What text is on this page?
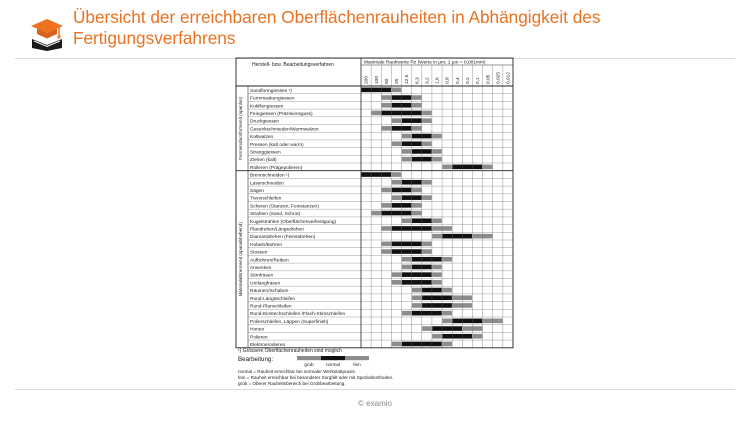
Übersicht der erreichbaren Oberflächenrauheiten in Abhängigkeit des Fertigungsverfahrens
Herstell- bzw. Bearbeitungsverfahren	Maximale Rauhwerte Rz (Werte in µm; 1 µm = 0,001mm)
200 100 50 25 12,5 6,3 3,2 1,6 0,8 0,4 0,2 0,1 0,05 0,025 0,012
Sandformgiessen ¹)
Formmaskengiessen
Kokillengiessen
Feingiessen (Präzisionsguss)
Druckgiessen
Gesenkschmieden/Warmwalzen
Kaltwalzen
Pressen (kalt oder warm)
Stranggiessen
Ziehen (kalt)
Rolleren (Prägepolieren)
Formend/umformend (spanlos)
Brennschneiden ¹)
Laserschneiden
Sägen
Trennschleifen
Scheren (Stanzen, Feinstanzen)
Strahlen (Sand, Schrot)
Kugelstrahlen (Oberflächenverfestigung)
Plandrehen/Längsdrehen
Diamantdrehen (Feinstdrehen)
Hobeln/Bohren
Stossen
Aufbohren/Reiben
Ansenken
Stirnfräsen
Umfangfräsen
Räumen/Schaben
Rund-Längsschleifen
Rund-Planschleifen
Rund-Einstechschleifen /Flach-Stirnschleifen
Polierschleifen, Läppen (Superfinish)
Honen
Polieren
Elektroerodieren
Materialabtrennend (spanabhebend)
¹) Grössere Oberflächenrauheiten sind möglich
Bearbeitung:
grob	normal	fein
normal = Rauheit erreichbar bei normaler Werkstattpraxis.
fein = Rauheit erreichbar bei besonderer Sorgfalt oder mit Spezialmethoden.
grob = Oberer Rauheitsbereich bei Grobbearbeitung.
© examio
